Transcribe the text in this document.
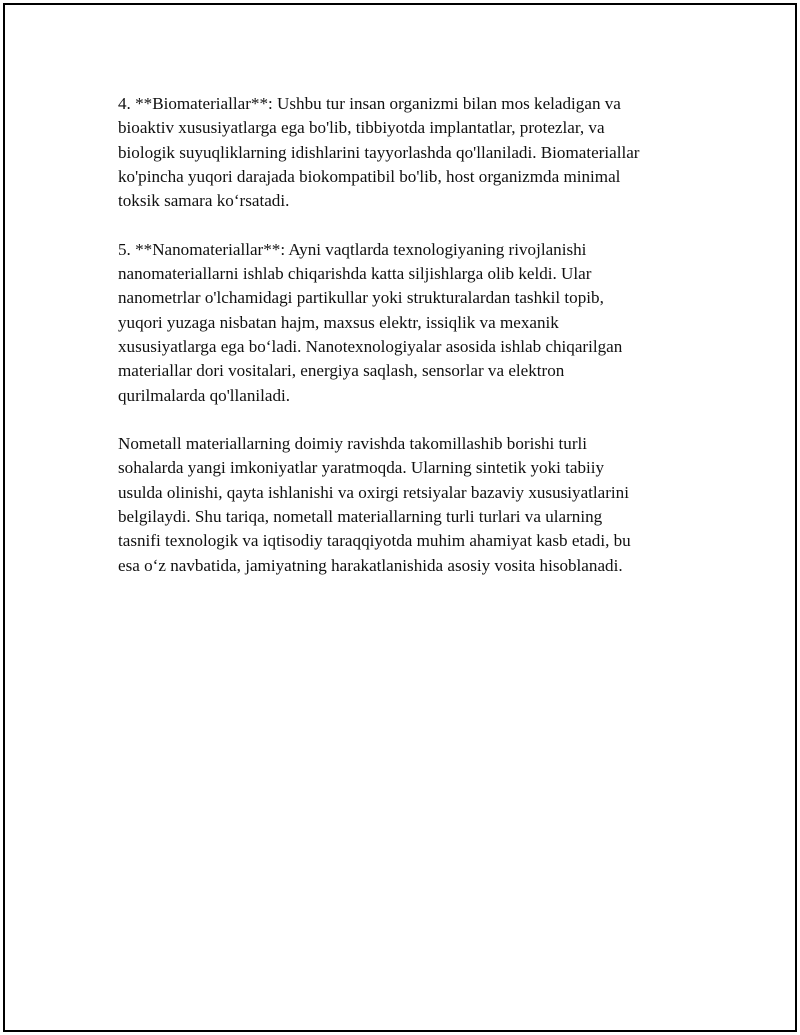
4. **Biomateriallar**: Ushbu tur insan organizmi bilan mos keladigan va
bioaktiv xususiyatlarga ega bo'lib, tibbiyotda implantatlar, protezlar, va
biologik suyuqliklarning idishlarini tayyorlashda qo'llaniladi. Biomateriallar
ko'pincha yuqori darajada biokompatibil bo'lib, host organizmda minimal
toksik samara ko‘rsatadi.

5. **Nanomateriallar**: Ayni vaqtlarda texnologiyaning rivojlanishi
nanomateriallarni ishlab chiqarishda katta siljishlarga olib keldi. Ular
nanometrlar o'lchamidagi partikullar yoki strukturalardan tashkil topib,
yuqori yuzaga nisbatan hajm, maxsus elektr, issiqlik va mexanik
xususiyatlarga ega bo‘ladi. Nanotexnologiyalar asosida ishlab chiqarilgan
materiallar dori vositalari, energiya saqlash, sensorlar va elektron
qurilmalarda qo'llaniladi.

Nometall materiallarning doimiy ravishda takomillashib borishi turli
sohalarda yangi imkoniyatlar yaratmoqda. Ularning sintetik yoki tabiiy
usulda olinishi, qayta ishlanishi va oxirgi retsiyalar bazaviy xususiyatlarini
belgilaydi. Shu tariqa, nometall materiallarning turli turlari va ularning
tasnifi texnologik va iqtisodiy taraqqiyotda muhim ahamiyat kasb etadi, bu
esa o‘z navbatida, jamiyatning harakatlanishida asosiy vosita hisoblanadi.
